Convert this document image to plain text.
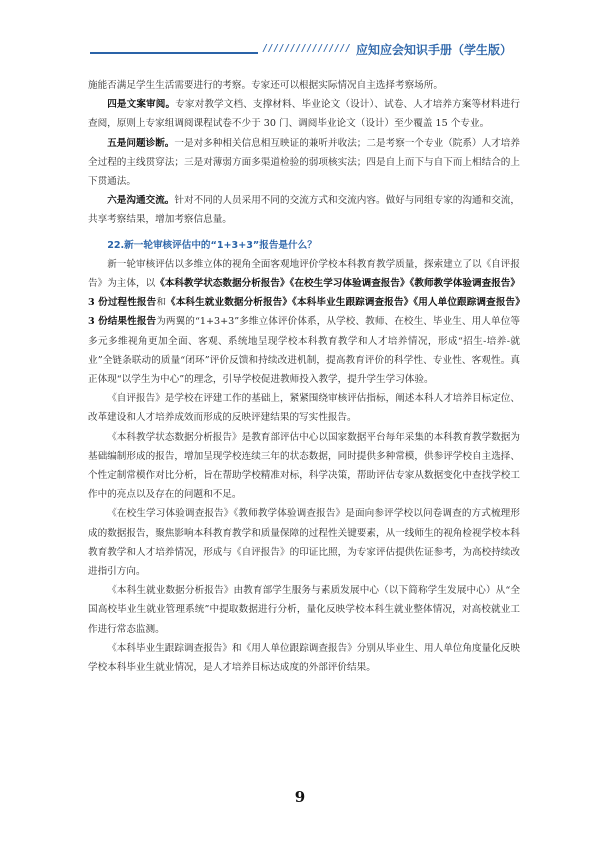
//////////////// 应知应会知识手册（学生版）

施能否满足学生生活需要进行的考察。专家还可以根据实际情况自主选择考察场所。

四是文案审阅。专家对教学文档、支撑材料、毕业论文（设计）、试卷、人才培养方案等材料进行查阅，原则上专家组调阅课程试卷不少于 30 门、调阅毕业论文（设计）至少覆盖 15 个专业。

五是问题诊断。一是对多种相关信息相互映证的兼听并收法；二是考察一个专业（院系）人才培养全过程的主线贯穿法；三是对薄弱方面多渠道检验的弱项核实法；四是自上而下与自下而上相结合的上下贯通法。

六是沟通交流。针对不同的人员采用不同的交流方式和交流内容。做好与同组专家的沟通和交流，共享考察结果，增加考察信息量。

22.新一轮审核评估中的“1+3+3”报告是什么？

新一轮审核评估以多维立体的视角全面客观地评价学校本科教育教学质量，探索建立了以《自评报告》为主体，以《本科教学状态数据分析报告》《在校生学习体验调查报告》《教师教学体验调查报告》3 份过程性报告和《本科生就业数据分析报告》《本科毕业生跟踪调查报告》《用人单位跟踪调查报告》3 份结果性报告为两翼的“1+3+3”多维立体评价体系，从学校、教师、在校生、毕业生、用人单位等多元多维视角更加全面、客观、系统地呈现学校本科教育教学和人才培养情况，形成“招生-培养-就业”全链条联动的质量“闭环”评价反馈和持续改进机制，提高教育评价的科学性、专业性、客观性。真正体现“以学生为中心”的理念，引导学校促进教师投入教学，提升学生学习体验。

《自评报告》是学校在评建工作的基础上，紧紧围绕审核评估指标，阐述本科人才培养目标定位、改革建设和人才培养成效而形成的反映评建结果的写实性报告。

《本科教学状态数据分析报告》是教育部评估中心以国家数据平台每年采集的本科教育教学数据为基础编制形成的报告，增加呈现学校连续三年的状态数据，同时提供多种常模，供参评学校自主选择、个性定制常模作对比分析，旨在帮助学校精准对标，科学决策，帮助评估专家从数据变化中查找学校工作中的亮点以及存在的问题和不足。

《在校生学习体验调查报告》《教师教学体验调查报告》是面向参评学校以问卷调查的方式梳理形成的数据报告，聚焦影响本科教育教学和质量保障的过程性关键要素，从一线师生的视角检视学校本科教育教学和人才培养情况，形成与《自评报告》的印证比照，为专家评估提供佐证参考，为高校持续改进指引方向。

《本科生就业数据分析报告》由教育部学生服务与素质发展中心（以下简称学生发展中心）从“全国高校毕业生就业管理系统”中提取数据进行分析，量化反映学校本科生就业整体情况，对高校就业工作进行常态监测。

《本科毕业生跟踪调查报告》和《用人单位跟踪调查报告》分别从毕业生、用人单位角度量化反映学校本科毕业生就业情况，是人才培养目标达成度的外部评价结果。

9
